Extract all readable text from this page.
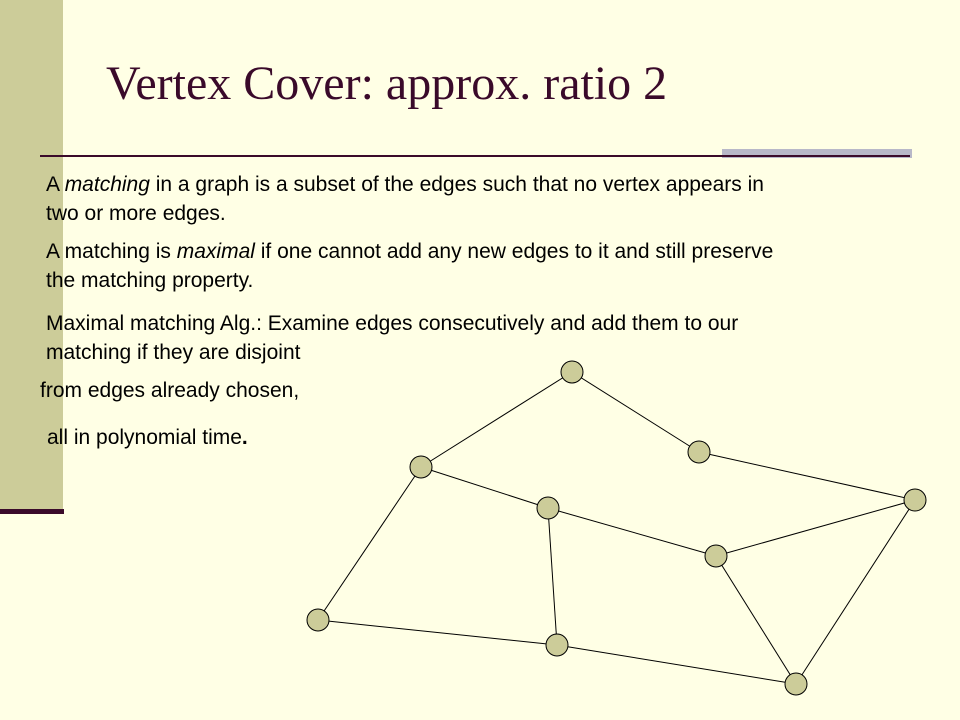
Vertex Cover: approx. ratio 2
A matching in a graph is a subset of the edges such that no vertex appears in two or more edges.
A matching is maximal if one cannot add any new edges to it and still preserve the matching property.
Maximal matching Alg.: Examine edges consecutively and add them to our matching if they are disjoint
from edges already chosen,
all in polynomial time.
